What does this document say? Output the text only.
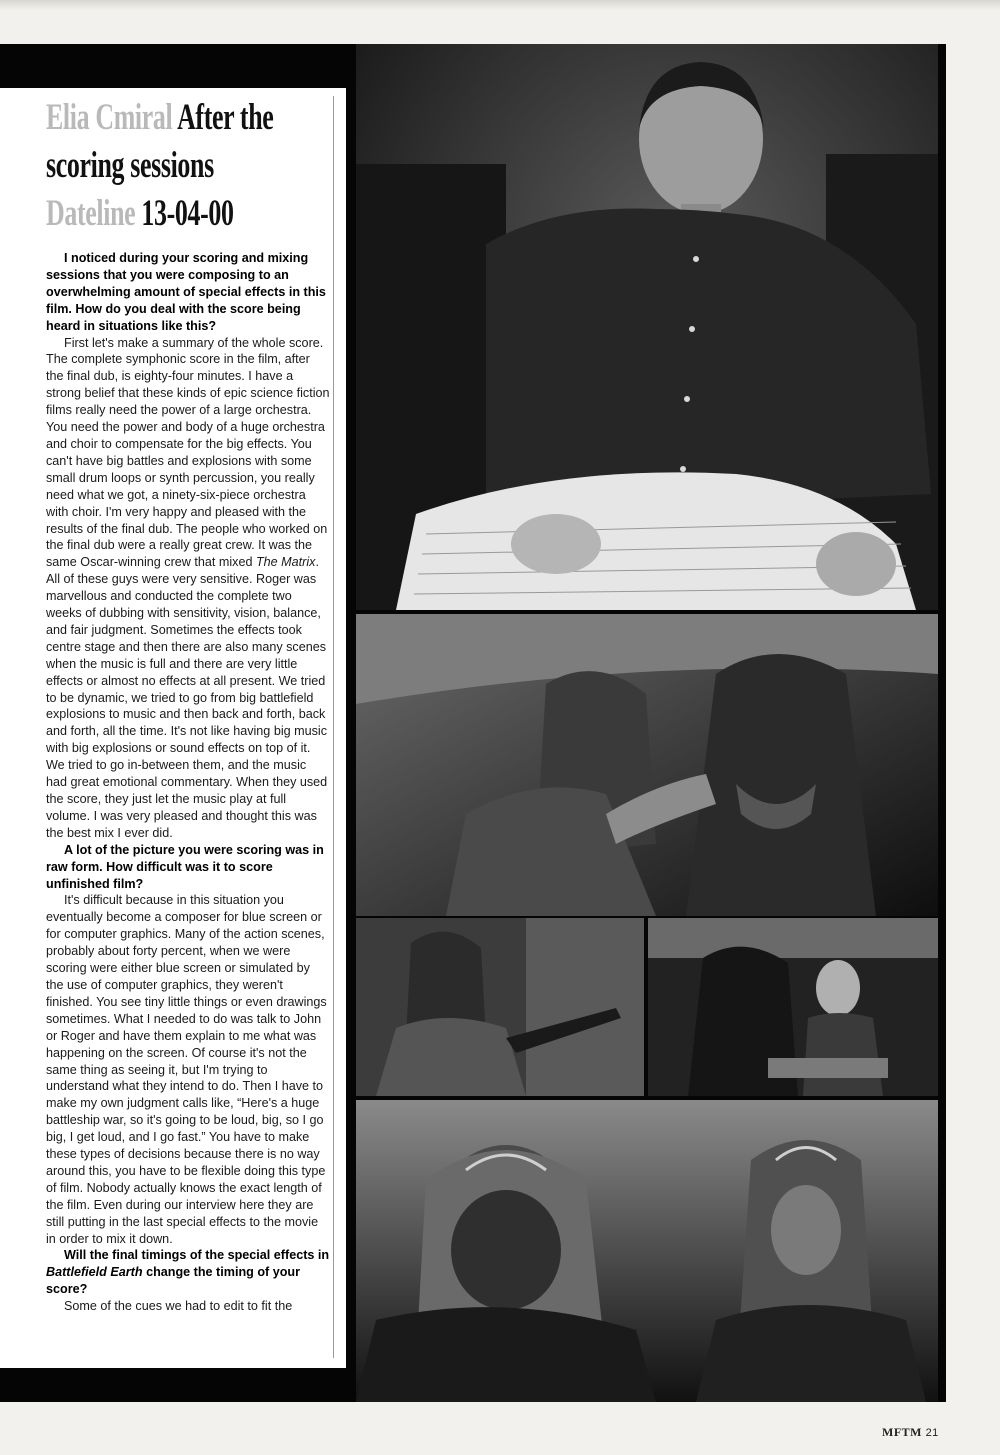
Elia Cmiral After the
scoring sessions
Dateline 13-04-00

I noticed during your scoring and mixing sessions that you were composing to an overwhelming amount of special effects in this film. How do you deal with the score being heard in situations like this?

First let's make a summary of the whole score. The complete symphonic score in the film, after the final dub, is eighty-four minutes. I have a strong belief that these kinds of epic science fiction films really need the power of a large orchestra. You need the power and body of a huge orchestra and choir to compensate for the big effects. You can't have big battles and explosions with some small drum loops or synth percussion, you really need what we got, a ninety-six-piece orchestra with choir. I'm very happy and pleased with the results of the final dub. The people who worked on the final dub were a really great crew. It was the same Oscar-winning crew that mixed The Matrix. All of these guys were very sensitive. Roger was marvellous and conducted the complete two weeks of dubbing with sensitivity, vision, balance, and fair judgment. Sometimes the effects took centre stage and then there are also many scenes when the music is full and there are very little effects or almost no effects at all present. We tried to be dynamic, we tried to go from big battlefield explosions to music and then back and forth, back and forth, all the time. It's not like having big music with big explosions or sound effects on top of it. We tried to go in-between them, and the music had great emotional commentary. When they used the score, they just let the music play at full volume. I was very pleased and thought this was the best mix I ever did.

A lot of the picture you were scoring was in raw form. How difficult was it to score unfinished film?

It's difficult because in this situation you eventually become a composer for blue screen or for computer graphics. Many of the action scenes, probably about forty percent, when we were scoring were either blue screen or simulated by the use of computer graphics, they weren't finished. You see tiny little things or even drawings sometimes. What I needed to do was talk to John or Roger and have them explain to me what was happening on the screen. Of course it's not the same thing as seeing it, but I'm trying to understand what they intend to do. Then I have to make my own judgment calls like, “Here's a huge battleship war, so it's going to be loud, big, so I go big, I get loud, and I go fast.” You have to make these types of decisions because there is no way around this, you have to be flexible doing this type of film. Nobody actually knows the exact length of the film. Even during our interview here they are still putting in the last special effects to the movie in order to mix it down.

Will the final timings of the special effects in Battlefield Earth change the timing of your score?

Some of the cues we had to edit to fit the

MFTM 21
